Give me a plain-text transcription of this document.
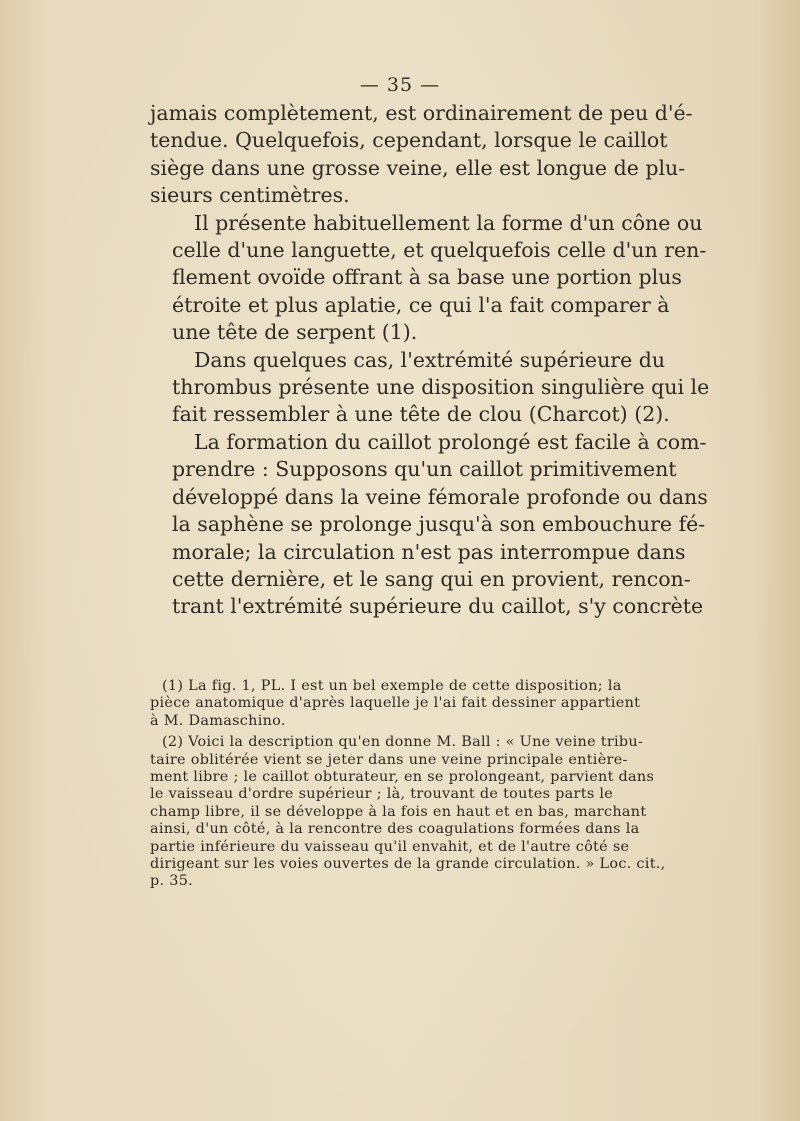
— 35 —

jamais complètement, est ordinairement de peu d'é-
tendue. Quelquefois, cependant, lorsque le caillot
siège dans une grosse veine, elle est longue de plu-
sieurs centimètres.

Il présente habituellement la forme d'un cône ou
celle d'une languette, et quelquefois celle d'un ren-
flement ovoïde offrant à sa base une portion plus
étroite et plus aplatie, ce qui l'a fait comparer à
une tête de serpent (1).

Dans quelques cas, l'extrémité supérieure du
thrombus présente une disposition singulière qui le
fait ressembler à une tête de clou (Charcot) (2).

La formation du caillot prolongé est facile à com-
prendre : Supposons qu'un caillot primitivement
développé dans la veine fémorale profonde ou dans
la saphène se prolonge jusqu'à son embouchure fé-
morale; la circulation n'est pas interrompue dans
cette dernière, et le sang qui en provient, rencon-
trant l'extrémité supérieure du caillot, s'y concrète

(1) La fig. 1, PL. I est un bel exemple de cette disposition; la
pièce anatomique d'après laquelle je l'ai fait dessiner appartient
à M. Damaschino.

(2) Voici la description qu'en donne M. Ball : « Une veine tribu-
taire oblitérée vient se jeter dans une veine principale entière-
ment libre ; le caillot obturateur, en se prolongeant, parvient dans
le vaisseau d'ordre supérieur ; là, trouvant de toutes parts le
champ libre, il se développe à la fois en haut et en bas, marchant
ainsi, d'un côté, à la rencontre des coagulations formées dans la
partie inférieure du vaisseau qu'il envahit, et de l'autre côté se
dirigeant sur les voies ouvertes de la grande circulation. » Loc. cit.,
p. 35.
